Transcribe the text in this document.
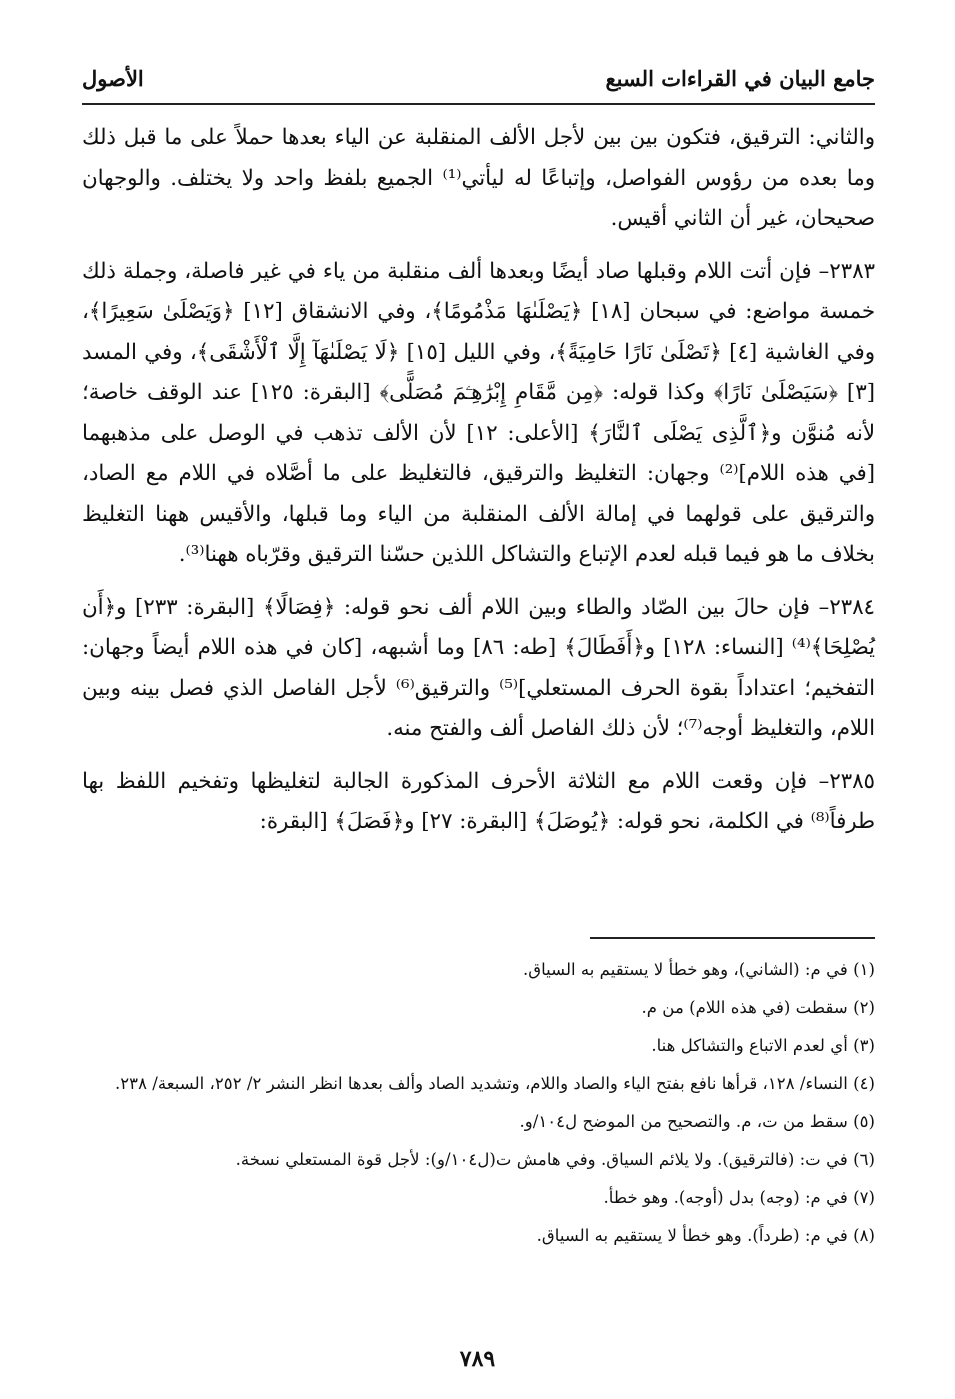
جامع البيان في القراءات السبع
الأصول

والثاني: الترقيق، فتكون بين بين لأجل الألف المنقلبة عن الياء بعدها حملاً على ما قبل ذلك وما بعده من رؤوس الفواصل، وإتباعًا له ليأتي⁽¹⁾ الجميع بلفظ واحد ولا يختلف. والوجهان صحيحان، غير أن الثاني أقيس.

٢٣٨٣– فإن أتت اللام وقبلها صاد أيضًا وبعدها ألف منقلبة من ياء في غير فاصلة، وجملة ذلك خمسة مواضع: في سبحان [١٨] ﴿يَصْلَىٰهَا مَذْمُومًا﴾، وفي الانشقاق [١٢] ﴿وَيَصْلَىٰ سَعِيرًا﴾، وفي الغاشية [٤] ﴿تَصْلَىٰ نَارًا حَامِيَةً﴾، وفي الليل [١٥] ﴿لَا يَصْلَىٰهَآ إِلَّا ٱلْأَشْقَى﴾، وفي المسد [٣] ﴿سَيَصْلَىٰ نَارًا﴾ وكذا قوله: ﴿مِن مَّقَامِ إِبْرَٰهِـۧمَ مُصَلًّى﴾ [البقرة: ١٢٥] عند الوقف خاصة؛ لأنه مُنوَّن و﴿ٱلَّذِى يَصْلَى ٱلنَّارَ﴾ [الأعلى: ١٢] لأن الألف تذهب في الوصل على مذهبهما [في هذه اللام]⁽²⁾ وجهان: التغليظ والترقيق، فالتغليظ على ما أصَّلاه في اللام مع الصاد، والترقيق على قولهما في إمالة الألف المنقلبة من الياء وما قبلها، والأقيس ههنا التغليظ بخلاف ما هو فيما قبله لعدم الإتباع والتشاكل اللذين حسّنا الترقيق وقرّباه ههنا⁽³⁾.

٢٣٨٤– فإن حالَ بين الصّاد والطاء وبين اللام ألف نحو قوله: ﴿فِصَالًا﴾ [البقرة: ٢٣٣] و﴿أَن يُصْلِحَا﴾⁽⁴⁾ [النساء: ١٢٨] و﴿أَفَطَالَ﴾ [طه: ٨٦] وما أشبهه، [كان في هذه اللام أيضاً وجهان: التفخيم؛ اعتداداً بقوة الحرف المستعلي]⁽⁵⁾ والترقيق⁽⁶⁾ لأجل الفاصل الذي فصل بينه وبين اللام، والتغليظ أوجه⁽⁷⁾؛ لأن ذلك الفاصل ألف والفتح منه.

٢٣٨٥– فإن وقعت اللام مع الثلاثة الأحرف المذكورة الجالبة لتغليظها وتفخيم اللفظ بها طرفاً⁽⁸⁾ في الكلمة، نحو قوله: ﴿يُوصَلَ﴾ [البقرة: ٢٧] و﴿فَصَلَ﴾ [البقرة:

(١) في م: (الشاني)، وهو خطأ لا يستقيم به السياق.

(٢) سقطت (في هذه اللام) من م.

(٣) أي لعدم الاتباع والتشاكل هنا.

(٤) النساء/ ١٢٨، قرأها نافع بفتح الياء والصاد واللام، وتشديد الصاد وألف بعدها انظر النشر ٢/ ٢٥٢، السبعة/ ٢٣٨.

(٥) سقط من ت، م. والتصحيح من الموضح ل١٠٤/و.

(٦) في ت: (فالترقيق). ولا يلائم السياق. وفي هامش ت(ل١٠٤/و): لأجل قوة المستعلي نسخة.

(٧) في م: (وجه) بدل (أوجه). وهو خطأ.

(٨) في م: (طرداً). وهو خطأ لا يستقيم به السياق.

٧٨٩
